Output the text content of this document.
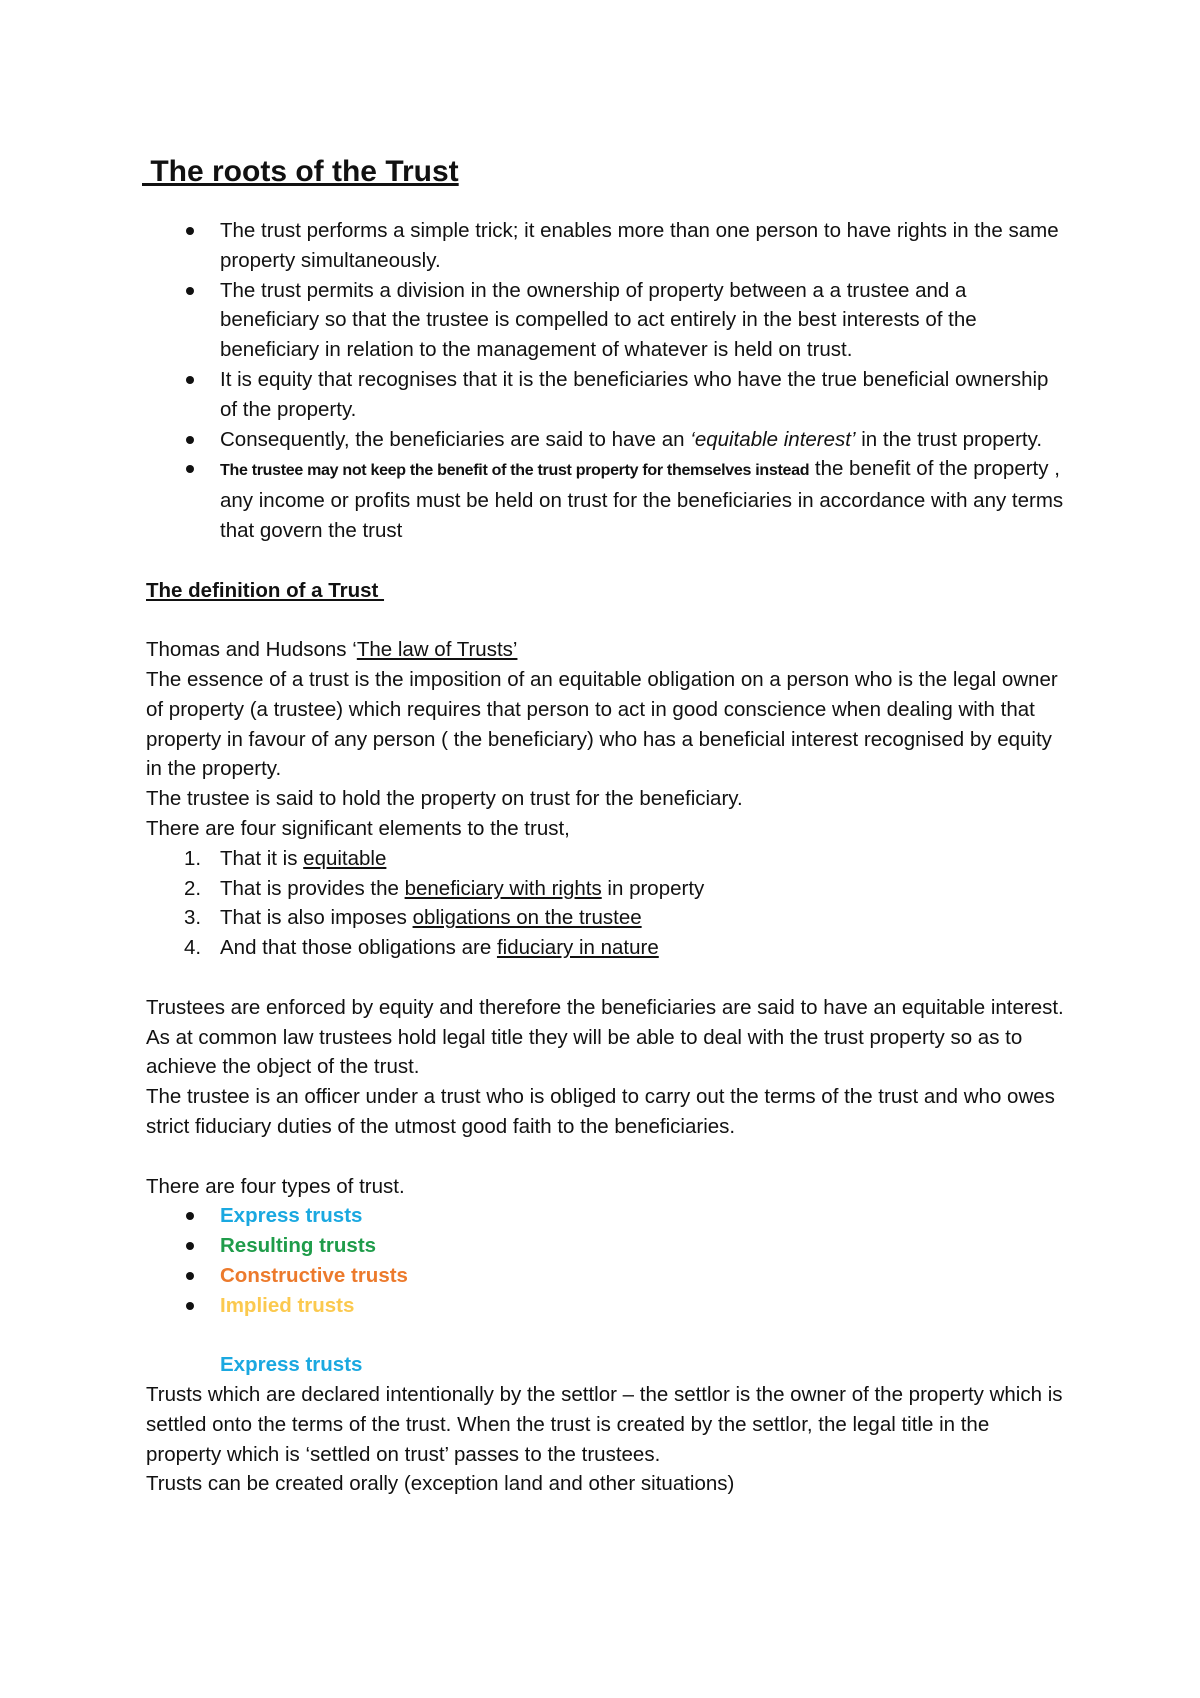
The roots of the Trust
The trust performs a simple trick; it enables more than one person to have rights in the same property simultaneously.
The trust permits a division in the ownership of property between a a trustee and a beneficiary so that the trustee is compelled to act entirely in the best interests of the beneficiary in relation to the management of whatever is held on trust.
It is equity that recognises that it is the beneficiaries who have the true beneficial ownership of the property.
Consequently, the beneficiaries are said to have an ‘equitable interest’ in the trust property.
The trustee may not keep the benefit of the trust property for themselves instead the benefit of the property , any income or profits must be held on trust for the beneficiaries in accordance with any terms that govern the trust

The definition of a Trust

Thomas and Hudsons ‘The law of Trusts’

The essence of a trust is the imposition of an equitable obligation on a person who is the legal owner of property (a trustee) which requires that person to act in good conscience when dealing with that property in favour of any person ( the beneficiary) who has a beneficial interest recognised by equity in the property.

The trustee is said to hold the property on trust for the beneficiary.

There are four significant elements to the trust,

1. That it is equitable
2. That is provides the beneficiary with rights in property
3. That is also imposes obligations on the trustee
4. And that those obligations are fiduciary in nature

Trustees are enforced by equity and therefore the beneficiaries are said to have an equitable interest. As at common law trustees hold legal title they will be able to deal with the trust property so as to achieve the object of the trust.

The trustee is an officer under a trust who is obliged to carry out the terms of the trust and who owes strict fiduciary duties of the utmost good faith to the beneficiaries.

There are four types of trust.

Express trusts
Resulting trusts
Constructive trusts
Implied trusts

Express trusts

Trusts which are declared intentionally by the settlor – the settlor is the owner of the property which is settled onto the terms of the trust. When the trust is created by the settlor, the legal title in the property which is ‘settled on trust’ passes to the trustees.

Trusts can be created orally (exception land and other situations)
